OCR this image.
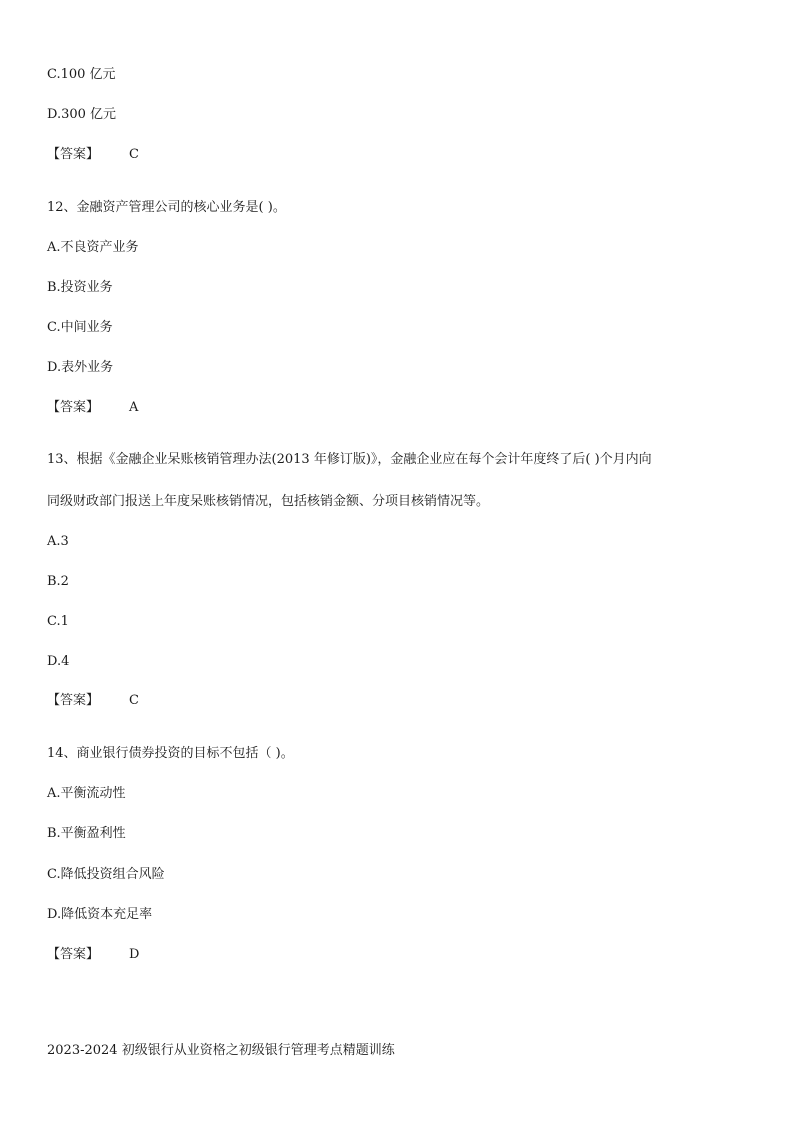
C.100 亿元
D.300 亿元
【答案】 C
12、金融资产管理公司的核心业务是( )。
A.不良资产业务
B.投资业务
C.中间业务
D.表外业务
【答案】 A
13、根据《金融企业呆账核销管理办法(2013 年修订版)》，金融企业应在每个会计年度终了后( )个月内向
同级财政部门报送上年度呆账核销情况，包括核销金额、分项目核销情况等。
A.3
B.2
C.1
D.4
【答案】 C
14、商业银行债券投资的目标不包括（ )。
A.平衡流动性
B.平衡盈利性
C.降低投资组合风险
D.降低资本充足率
【答案】 D
2023-2024 初级银行从业资格之初级银行管理考点精题训练
